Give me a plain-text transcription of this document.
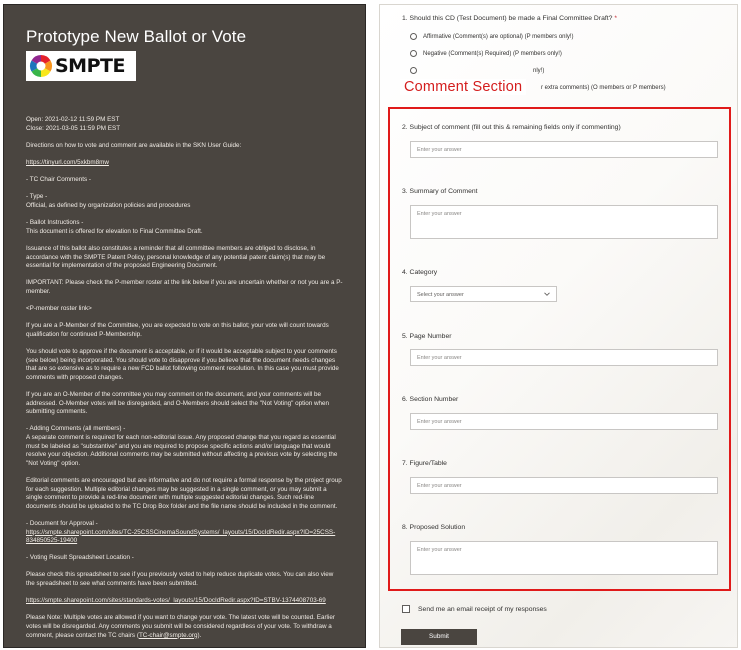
Prototype New Ballot or Vote
SMPTE

Open: 2021-02-12 11:59 PM EST
Close: 2021-03-05 11:59 PM EST

Directions on how to vote and comment are available in the SKN User Guide:

https://tinyurl.com/5xkbm8mw

- TC Chair Comments -

- Type -
Official, as defined by organization policies and procedures

- Ballot Instructions -
This document is offered for elevation to Final Committee Draft.

Issuance of this ballot also constitutes a reminder that all committee members are obliged to disclose, in accordance with the SMPTE Patent Policy, personal knowledge of any potential patent claim(s) that may be essential for implementation of the proposed Engineering Document.

IMPORTANT: Please check the P-member roster at the link below if you are uncertain whether or not you are a P-member.

<P-member roster link>

If you are a P-Member of the Committee, you are expected to vote on this ballot; your vote will count towards qualification for continued P-Membership.

You should vote to approve if the document is acceptable, or if it would be acceptable subject to your comments (see below) being incorporated. You should vote to disapprove if you believe that the document needs changes that are so extensive as to require a new FCD ballot following comment resolution. In this case you must provide comments with proposed changes.

If you are an O-Member of the committee you may comment on the document, and your comments will be addressed. O-Member votes will be disregarded, and O-Members should select the "Not Voting" option when submitting comments.

- Adding Comments (all members) -
A separate comment is required for each non-editorial issue. Any proposed change that you regard as essential must be labeled as "substantive" and you are required to propose specific actions and/or language that would resolve your objection. Additional comments may be submitted without affecting a previous vote by selecting the "Not Voting" option.

Editorial comments are encouraged but are informative and do not require a formal response by the project group for each suggestion. Multiple editorial changes may be suggested in a single comment, or you may submit a single comment to provide a red-line document with multiple suggested editorial changes. Such red-line documents should be uploaded to the TC Drop Box folder and the file name should be included in the comment.

- Document for Approval -
https://smpte.sharepoint.com/sites/TC-25CSSCinemaSoundSystems/_layouts/15/DocIdRedir.aspx?ID=25CSS-834850525-19400

- Voting Result Spreadsheet Location -

Please check this spreadsheet to see if you previously voted to help reduce duplicate votes. You can also view the spreadsheet to see what comments have been submitted.

https://smpte.sharepoint.com/sites/standards-votes/_layouts/15/DocIdRedir.aspx?ID=STBV-1374408703-69

Please Note: Multiple votes are allowed if you want to change your vote. The latest vote will be counted. Earlier votes will be disregarded. Any comments you submit will be considered regardless of your vote. To withdraw a comment, please contact the TC chairs (TC-chair@smpte.org).

1. Should this CD (Test Document) be made a Final Committee Draft? *
Affirmative (Comment(s) are optional) (P members only!)
Negative (Comment(s) Required) (P members only!)
nly!)
r extra comments) (O members or P members)
Comment Section
2. Subject of comment (fill out this & remaining fields only if commenting)
Enter your answer
3. Summary of Comment
Enter your answer
4. Category
Select your answer
5. Page Number
Enter your answer
6. Section Number
Enter your answer
7. Figure/Table
Enter your answer
8. Proposed Solution
Enter your answer
Send me an email receipt of my responses
Submit
